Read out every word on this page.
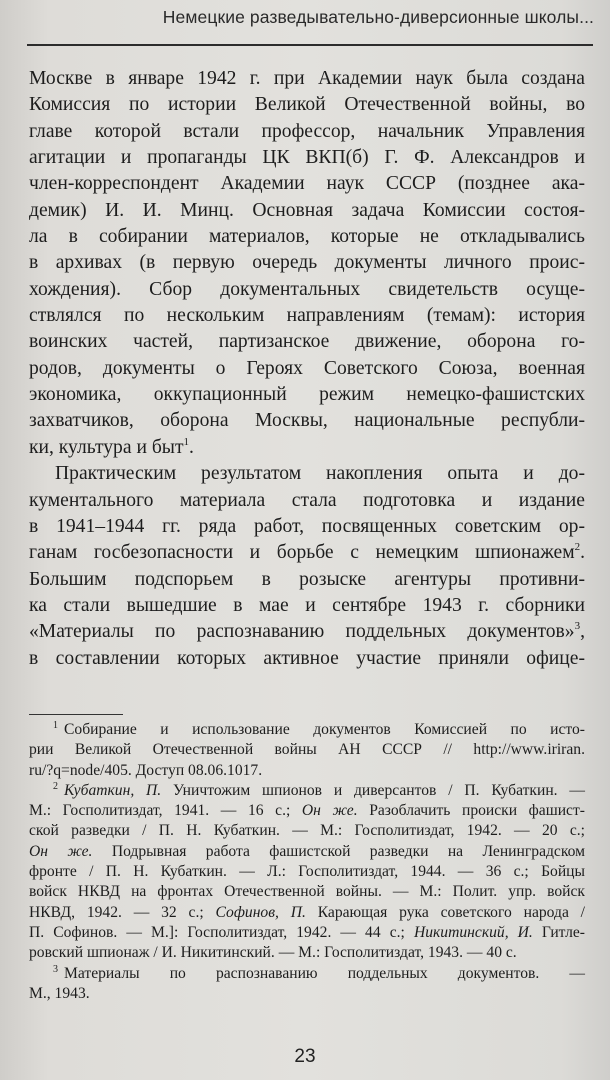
Немецкие разведывательно-диверсионные школы...
Москве в январе 1942 г. при Академии наук была создана
Комиссия по истории Великой Отечественной войны, во
главе которой встали профессор, начальник Управления
агитации и пропаганды ЦК ВКП(б) Г. Ф. Александров и
член-корреспондент Академии наук СССР (позднее ака-
демик) И. И. Минц. Основная задача Комиссии состоя-
ла в собирании материалов, которые не откладывались
в архивах (в первую очередь документы личного проис-
хождения). Сбор документальных свидетельств осуще-
ствлялся по нескольким направлениям (темам): история
воинских частей, партизанское движение, оборона го-
родов, документы о Героях Советского Союза, военная
экономика, оккупационный режим немецко-фашистских
захватчиков, оборона Москвы, национальные республи-
ки, культура и быт$^1$.
Практическим результатом накопления опыта и до-
кументального материала стала подготовка и издание
в 1941–1944 гг. ряда работ, посвященных советским ор-
ганам госбезопасности и борьбе с немецким шпионажем$^2$.
Большим подспорьем в розыске агентуры противни-
ка стали вышедшие в мае и сентябре 1943 г. сборники
«Материалы по распознаванию поддельных документов»$^3$,
в составлении которых активное участие приняли офице-
$^1$ Собирание и использование документов Комиссией по исто-
рии Великой Отечественной войны АН СССР // http://www.iriran.
ru/?q=node/405. Доступ 08.06.1017.
$^2$ Кубаткин, П. Уничтожим шпионов и диверсантов / П. Кубаткин. —
М.: Госполитиздат, 1941. — 16 с.; Он же. Разоблачить происки фашист-
ской разведки / П. Н. Кубаткин. — М.: Госполитиздат, 1942. — 20 с.;
Он же. Подрывная работа фашистской разведки на Ленинградском
фронте / П. Н. Кубаткин. — Л.: Госполитиздат, 1944. — 36 с.; Бойцы
войск НКВД на фронтах Отечественной войны. — М.: Полит. упр. войск
НКВД, 1942. — 32 с.; Софинов, П. Карающая рука советского народа /
П. Софинов. — М.]: Госполитиздат, 1942. — 44 с.; Никитинский, И. Гитле-
ровский шпионаж / И. Никитинский. — М.: Госполитиздат, 1943. — 40 с.
$^3$ Материалы по распознаванию поддельных документов. —
М., 1943.
23
